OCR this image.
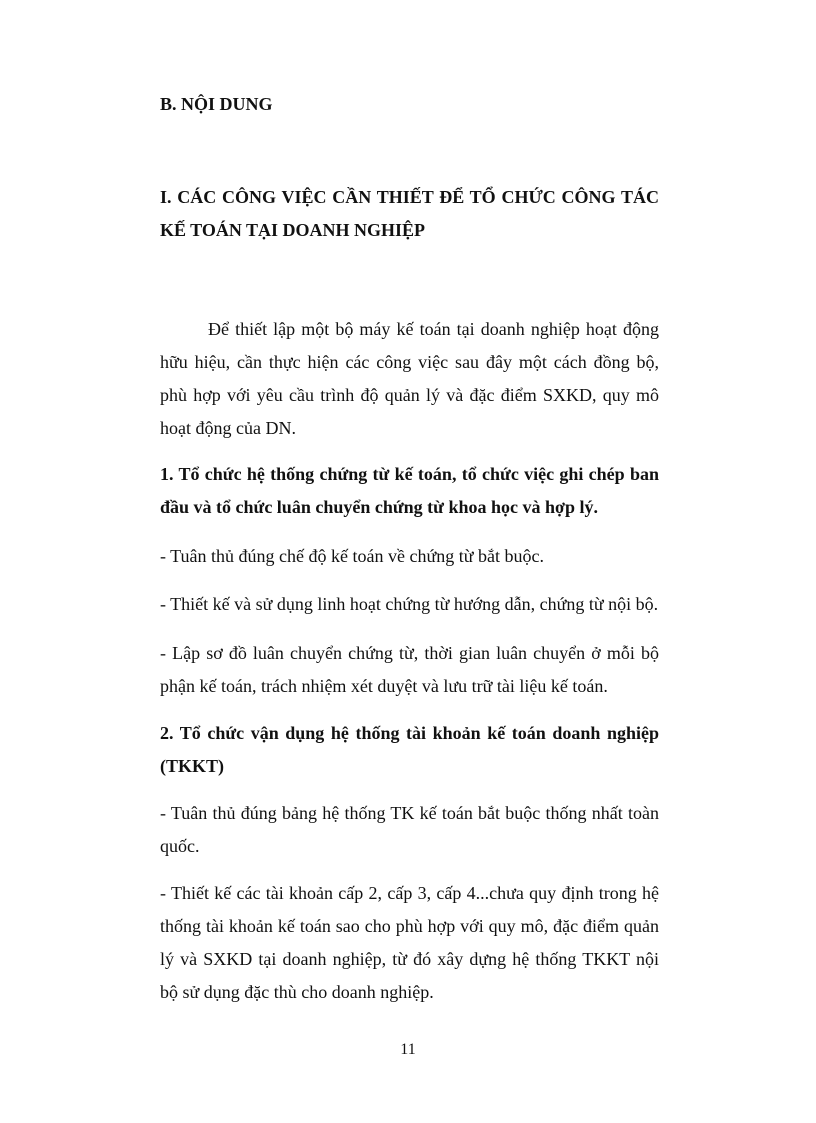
B. NỘI DUNG

I. CÁC CÔNG VIỆC CẦN THIẾT ĐỂ TỔ CHỨC CÔNG TÁC KẾ TOÁN TẠI DOANH NGHIỆP

Để thiết lập một bộ máy kế toán tại doanh nghiệp hoạt động hữu hiệu, cần thực hiện các công việc sau đây một cách đồng bộ, phù hợp với yêu cầu trình độ quản lý và đặc điểm SXKD, quy mô hoạt động của DN.

1. Tổ chức hệ thống chứng từ kế toán, tổ chức việc ghi chép ban đầu và tổ chức luân chuyển chứng từ khoa học và hợp lý.

- Tuân thủ đúng chế độ kế toán về chứng từ bắt buộc.

- Thiết kế và sử dụng linh hoạt chứng từ hướng dẫn, chứng từ nội bộ.

- Lập sơ đồ luân chuyển chứng từ, thời gian luân chuyển ở mỗi bộ phận kế toán, trách nhiệm xét duyệt và lưu trữ tài liệu kế toán.

2. Tổ chức vận dụng hệ thống tài khoản kế toán doanh nghiệp (TKKT)

- Tuân thủ đúng bảng hệ thống TK kế toán bắt buộc thống nhất toàn quốc.

- Thiết kế các tài khoản cấp 2, cấp 3, cấp 4...chưa quy định trong hệ thống tài khoản kế toán sao cho phù hợp với quy mô, đặc điểm quản lý và SXKD tại doanh nghiệp, từ đó xây dựng hệ thống TKKT nội bộ sử dụng đặc thù cho doanh nghiệp.

11
